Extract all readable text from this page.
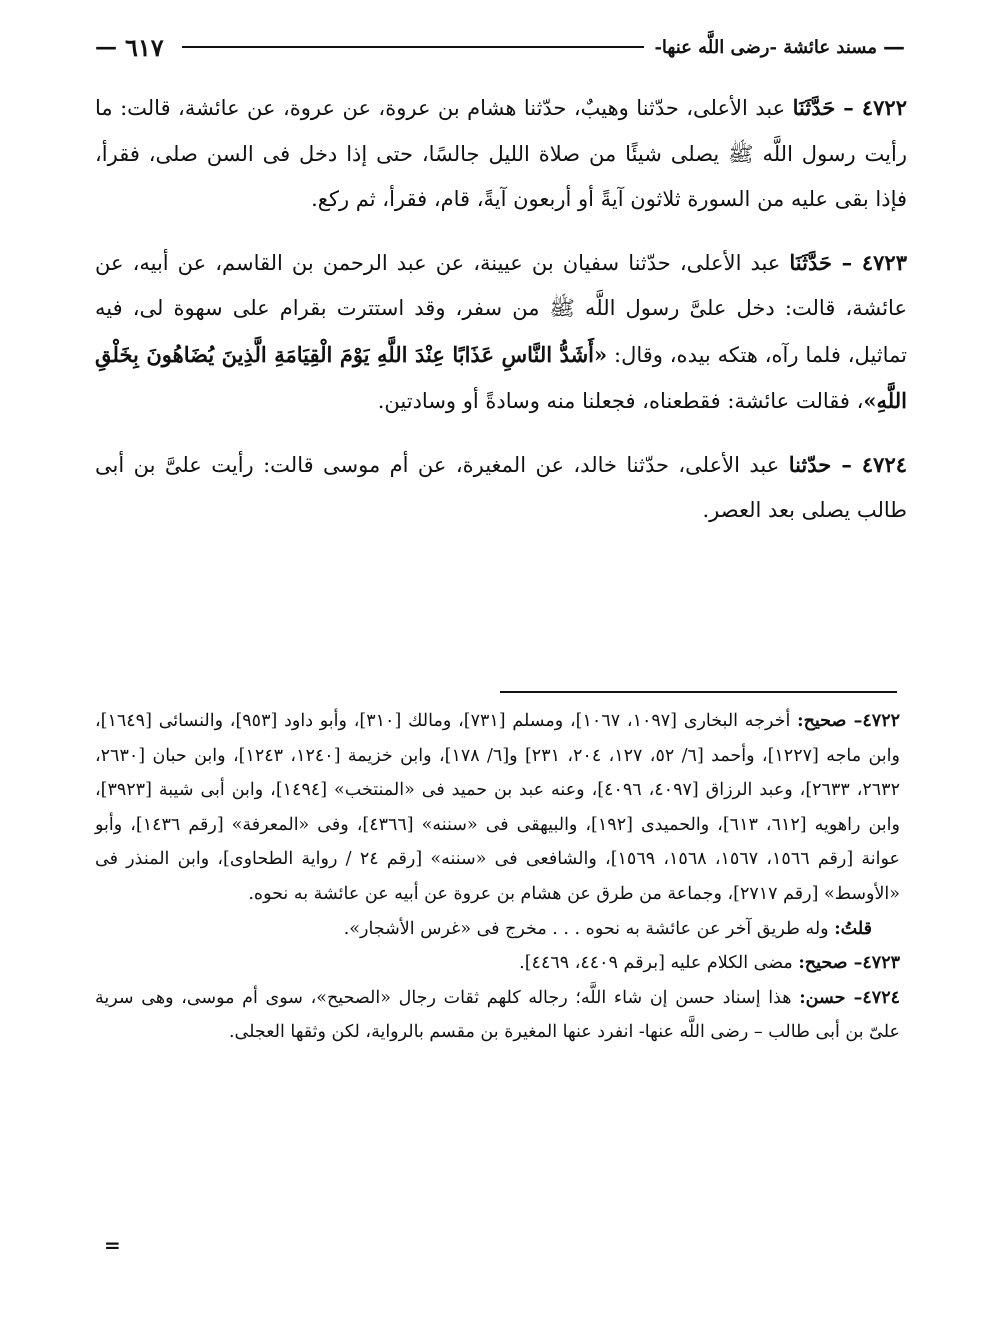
— ٦١٧	مسند عائشة -رضى اللَّه عنها- —

٤٧٢٢ – حَدَّثَنَا عبد الأعلى، حدّثنا وهيبٌ، حدّثنا هشام بن عروة، عن عروة، عن عائشة، قالت: ما رأيت رسول اللَّه ﷺ يصلى شيئًا من صلاة الليل جالسًا، حتى إذا دخل فى السن صلى، فقرأ، فإذا بقى عليه من السورة ثلاثون آيةً أو أربعون آيةً، قام، فقرأ، ثم ركع.

٤٧٢٣ – حَدَّثَنَا عبد الأعلى، حدّثنا سفيان بن عيينة، عن عبد الرحمن بن القاسم، عن أبيه، عن عائشة، قالت: دخل علىَّ رسول اللَّه ﷺ من سفر، وقد استترت بقرام على سهوة لى، فيه تماثيل، فلما رآه، هتكه بيده، وقال: «أَشَدُّ النَّاسِ عَذَابًا عِنْدَ اللَّهِ يَوْمَ الْقِيَامَةِ الَّذِينَ يُضَاهُونَ بِخَلْقِ اللَّهِ»، فقالت عائشة: فقطعناه، فجعلنا منه وسادةً أو وسادتين.

٤٧٢٤ – حدّثنا عبد الأعلى، حدّثنا خالد، عن المغيرة، عن أم موسى قالت: رأيت علىَّ بن أبى طالب يصلى بعد العصر.

٤٧٢٢– صحيح: أخرجه البخارى [١٠٩٧، ١٠٦٧]، ومسلم [٧٣١]، ومالك [٣١٠]، وأبو داود [٩٥٣]، والنسائى [١٦٤٩]، وابن ماجه [١٢٢٧]، وأحمد [٦/ ٥٢، ١٢٧، ٢٠٤، ٢٣١] و[٦/ ١٧٨]، وابن خزيمة [١٢٤٠، ١٢٤٣]، وابن حبان [٢٦٣٠، ٢٦٣٢، ٢٦٣٣]، وعبد الرزاق [٤٠٩٧، ٤٠٩٦]، وعنه عبد بن حميد فى «المنتخب» [١٤٩٤]، وابن أبى شيبة [٣٩٢٣]، وابن راهويه [٦١٢، ٦١٣]، والحميدى [١٩٢]، والبيهقى فى «سننه» [٤٣٦٦]، وفى «المعرفة» [رقم ١٤٣٦]، وأبو عوانة [رقم ١٥٦٦، ١٥٦٧، ١٥٦٨، ١٥٦٩]، والشافعى فى «سننه» [رقم ٢٤ / رواية الطحاوى]، وابن المنذر فى «الأوسط» [رقم ٢٧١٧]، وجماعة من طرق عن هشام بن عروة عن أبيه عن عائشة به نحوه.

قلتُ: وله طريق آخر عن عائشة به نحوه . . . مخرج فى «غرس الأشجار».

٤٧٢٣– صحيح: مضى الكلام عليه [برقم ٤٤٠٩، ٤٤٦٩].

٤٧٢٤– حسن: هذا إسناد حسن إن شاء اللَّه؛ رجاله كلهم ثقات رجال «الصحيح»، سوى أم موسى، وهى سرية علىّ بن أبى طالب – رضى اللَّه عنها- انفرد عنها المغيرة بن مقسم بالرواية، لكن وثقها العجلى.

=
